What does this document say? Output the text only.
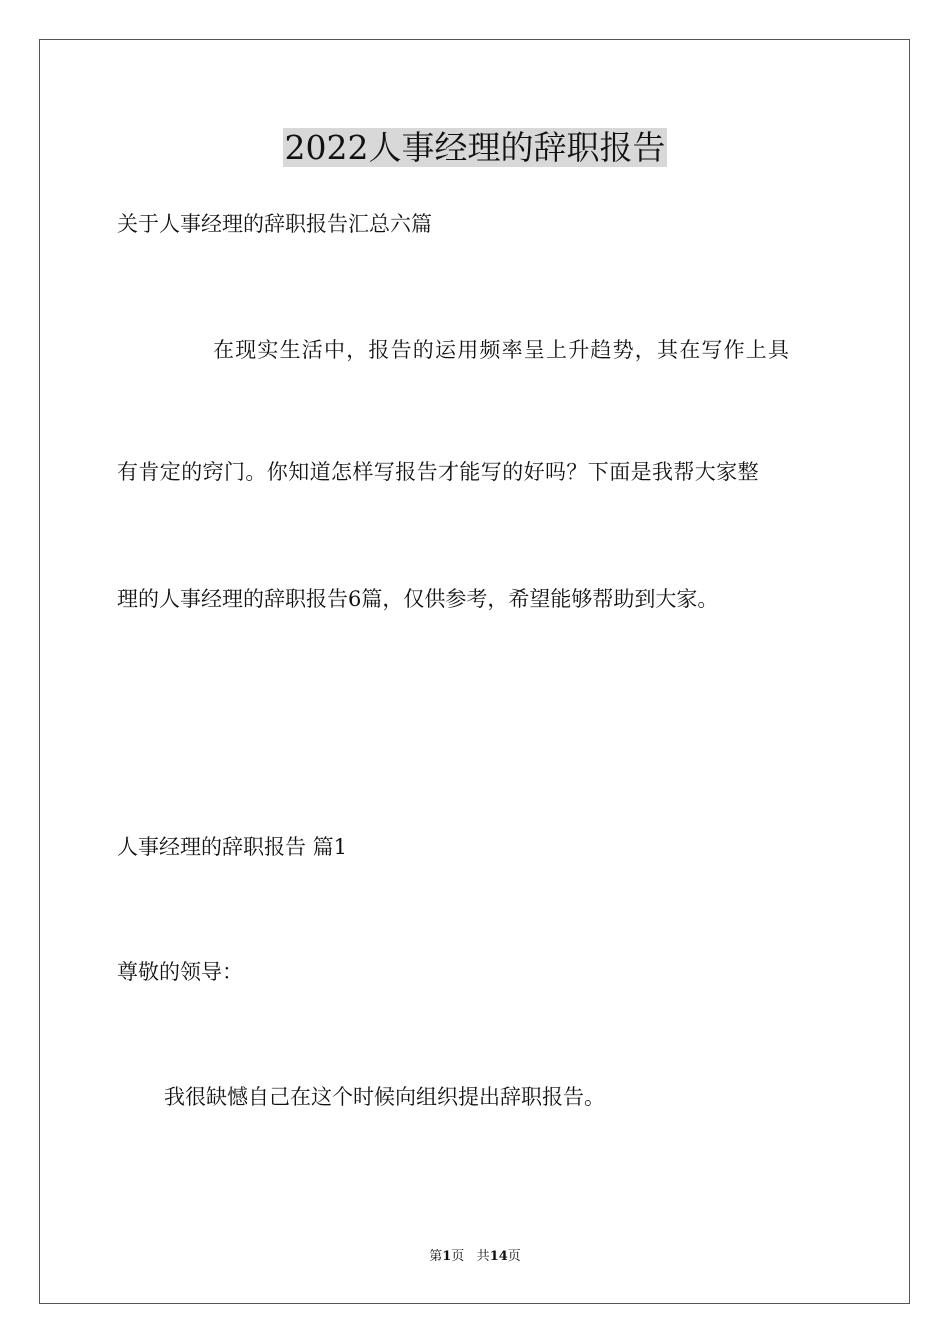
2022人事经理的辞职报告
关于人事经理的辞职报告汇总六篇
在现实生活中，报告的运用频率呈上升趋势，其在写作上具
有肯定的窍门。你知道怎样写报告才能写的好吗？下面是我帮大家整
理的人事经理的辞职报告6篇，仅供参考，希望能够帮助到大家。
人事经理的辞职报告 篇1
尊敬的领导：
我很缺憾自己在这个时候向组织提出辞职报告。
第1页 共14页
